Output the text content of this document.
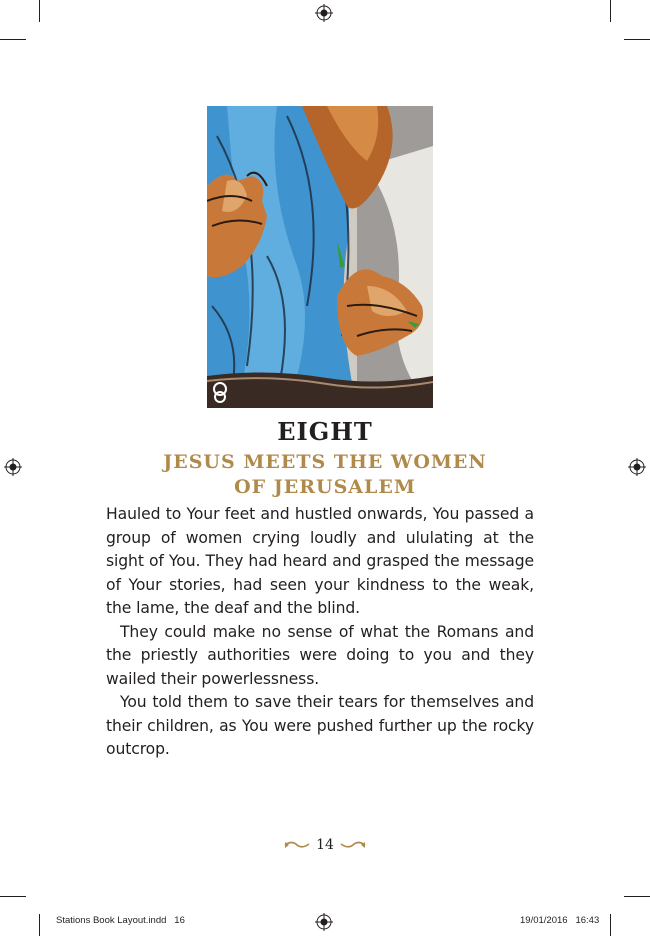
EIGHT
JESUS MEETS THE WOMEN
OF JERUSALEM

Hauled to Your feet and hustled onwards, You passed a group of women crying loudly and ululating at the sight of You. They had heard and grasped the message of Your stories, had seen your kindness to the weak, the lame, the deaf and the blind.

They could make no sense of what the Romans and the priestly authorities were doing to you and they wailed their powerlessness.

You told them to save their tears for themselves and their children, as You were pushed further up the rocky outcrop.

14
Stations Book Layout.indd   16	19/01/2016   16:43
